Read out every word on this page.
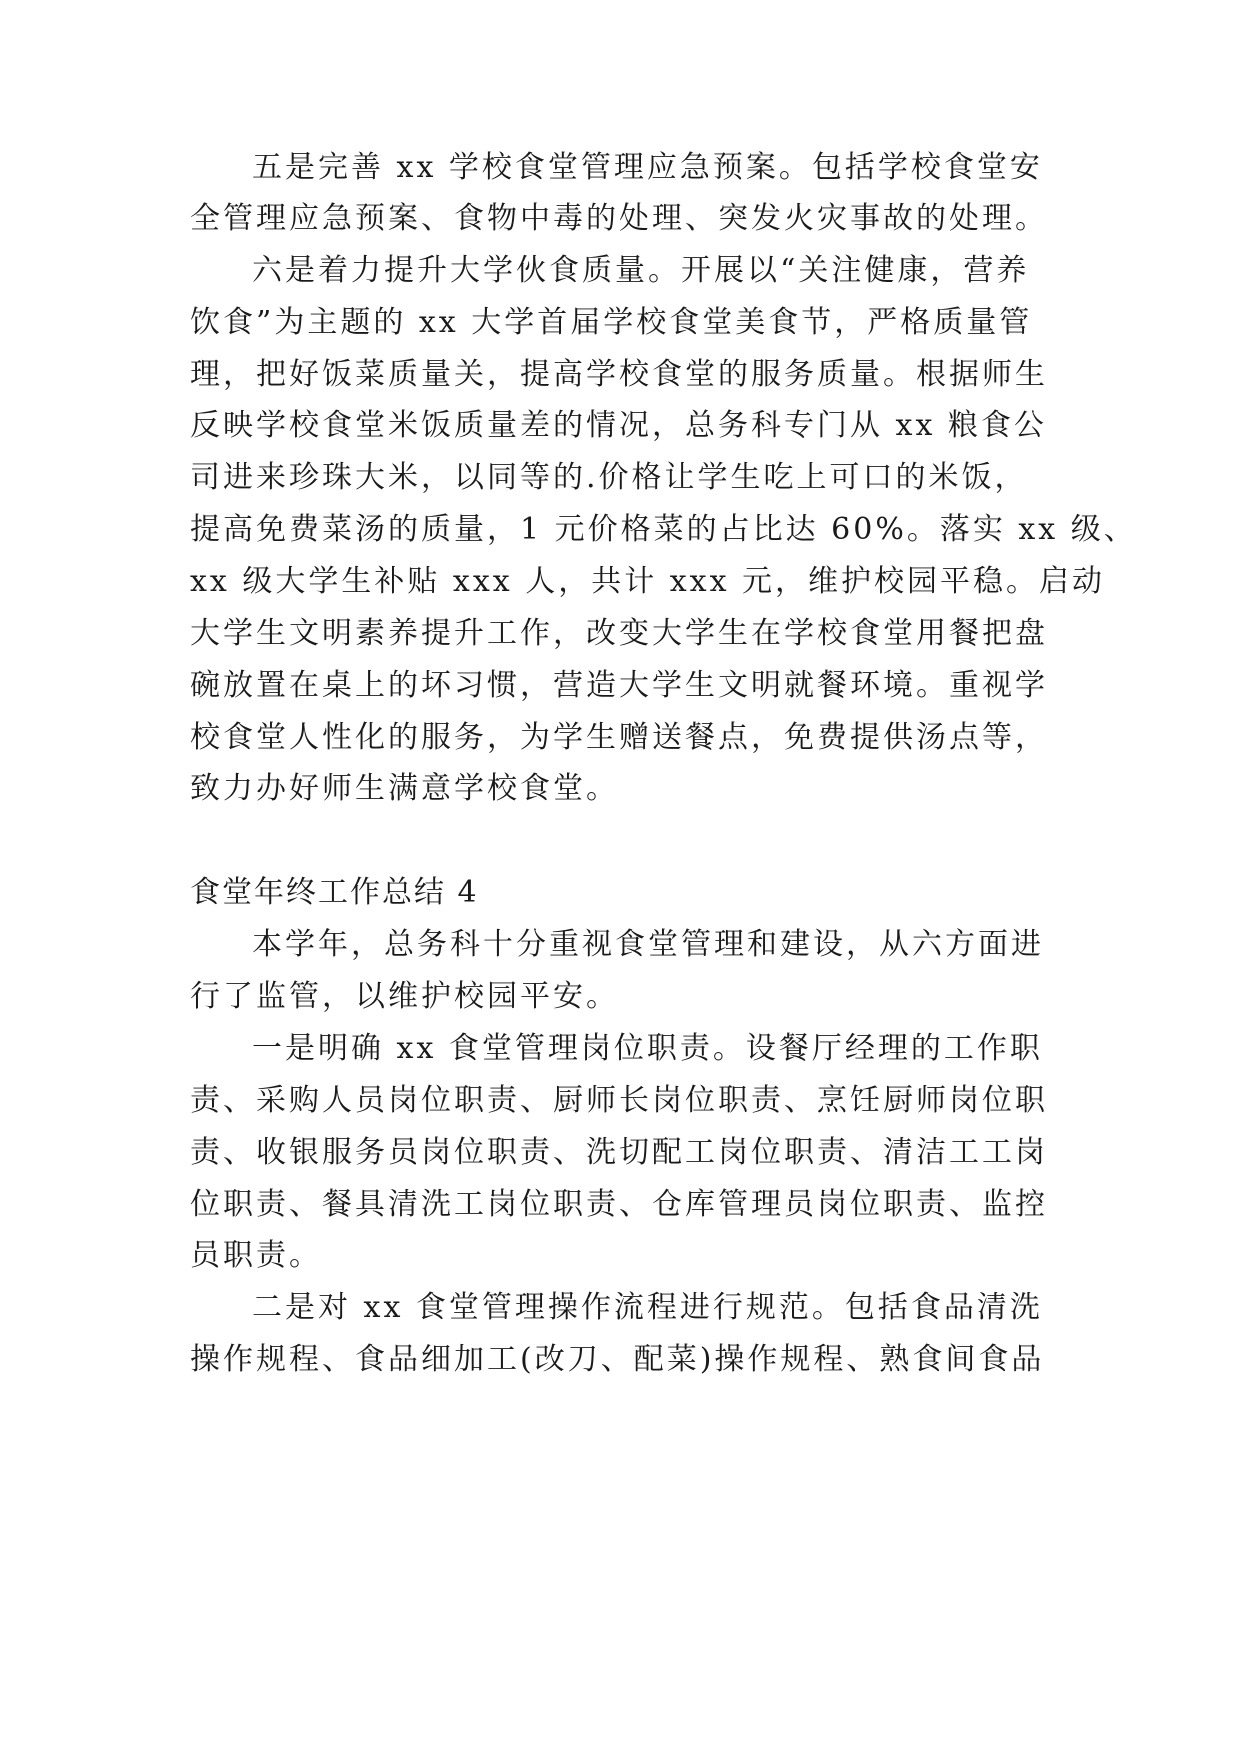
五是完善 xx 学校食堂管理应急预案。包括学校食堂安
全管理应急预案、食物中毒的处理、突发火灾事故的处理。
六是着力提升大学伙食质量。开展以“关注健康，营养
饮食”为主题的 xx 大学首届学校食堂美食节，严格质量管
理，把好饭菜质量关，提高学校食堂的服务质量。根据师生
反映学校食堂米饭质量差的情况，总务科专门从 xx 粮食公
司进来珍珠大米，以同等的.价格让学生吃上可口的米饭，
提高免费菜汤的质量，1 元价格菜的占比达 60%。落实 xx 级、
xx 级大学生补贴 xxx 人，共计 xxx 元，维护校园平稳。启动
大学生文明素养提升工作，改变大学生在学校食堂用餐把盘
碗放置在桌上的坏习惯，营造大学生文明就餐环境。重视学
校食堂人性化的服务，为学生赠送餐点，免费提供汤点等，
致力办好师生满意学校食堂。
食堂年终工作总结 4
本学年，总务科十分重视食堂管理和建设，从六方面进
行了监管，以维护校园平安。
一是明确 xx 食堂管理岗位职责。设餐厅经理的工作职
责、采购人员岗位职责、厨师长岗位职责、烹饪厨师岗位职
责、收银服务员岗位职责、洗切配工岗位职责、清洁工工岗
位职责、餐具清洗工岗位职责、仓库管理员岗位职责、监控
员职责。
二是对 xx 食堂管理操作流程进行规范。包括食品清洗
操作规程、食品细加工(改刀、配菜)操作规程、熟食间食品
